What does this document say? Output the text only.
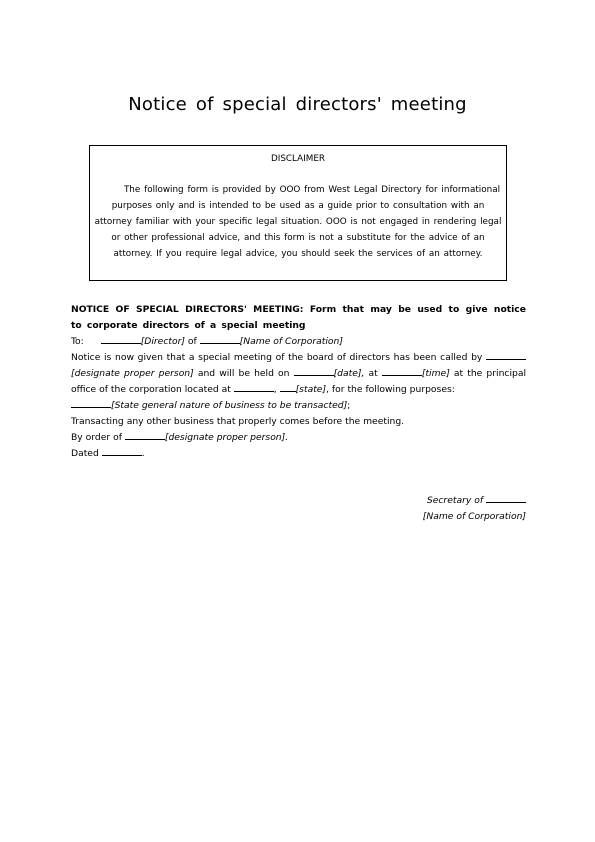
Notice of special directors' meeting
DISCLAIMER
The following form is provided by OOO from West Legal Directory for informational purposes only and is intended to be used as a guide prior to consultation with an attorney familiar with your specific legal situation. OOO is not engaged in rendering legal or other professional advice, and this form is not a substitute for the advice of an attorney. If you require legal advice, you should seek the services of an attorney.

NOTICE OF SPECIAL DIRECTORS' MEETING: Form that may be used to give notice to corporate directors of a special meeting

To:	[Director] of	[Name of Corporation]

Notice is now given that a special meeting of the board of directors has been called by [designate proper person] and will be held on	[date], at	[time] at the principal office of the corporation located at	, [state], for the following purposes:

[State general nature of business to be transacted];

Transacting any other business that properly comes before the meeting.

By order of	[designate proper person].

Dated	.

Secretary of
[Name of Corporation]
